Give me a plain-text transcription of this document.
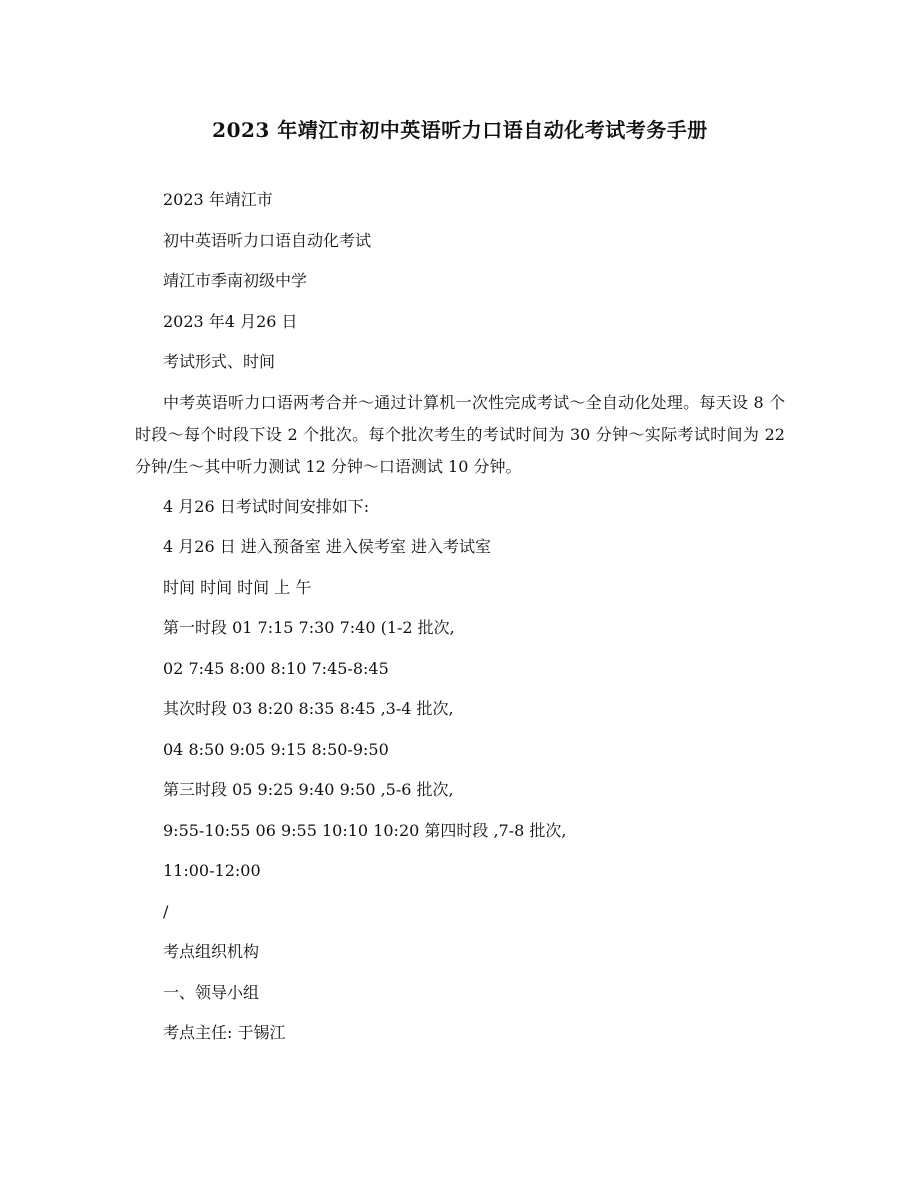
2023 年靖江市初中英语听力口语自动化考试考务手册

2023 年靖江市

初中英语听力口语自动化考试

靖江市季南初级中学

2023 年4 月26 日

考试形式、时间

中考英语听力口语两考合并～通过计算机一次性完成考试～全自动化处理。每天设 8 个时段～每个时段下设 2 个批次。每个批次考生的考试时间为 30 分钟～实际考试时间为 22 分钟/生～其中听力测试 12 分钟～口语测试 10 分钟。

4 月26 日考试时间安排如下:

4 月26 日 进入预备室 进入侯考室 进入考试室

时间 时间 时间 上 午

第一时段 01 7:15 7:30 7:40 (1-2 批次,

02 7:45 8:00 8:10 7:45-8:45

其次时段 03 8:20 8:35 8:45 ,3-4 批次,

04 8:50 9:05 9:15 8:50-9:50

第三时段 05 9:25 9:40 9:50 ,5-6 批次,

9:55-10:55 06 9:55 10:10 10:20 第四时段 ,7-8 批次,

11:00-12:00

/

考点组织机构

一、领导小组

考点主任: 于锡江
